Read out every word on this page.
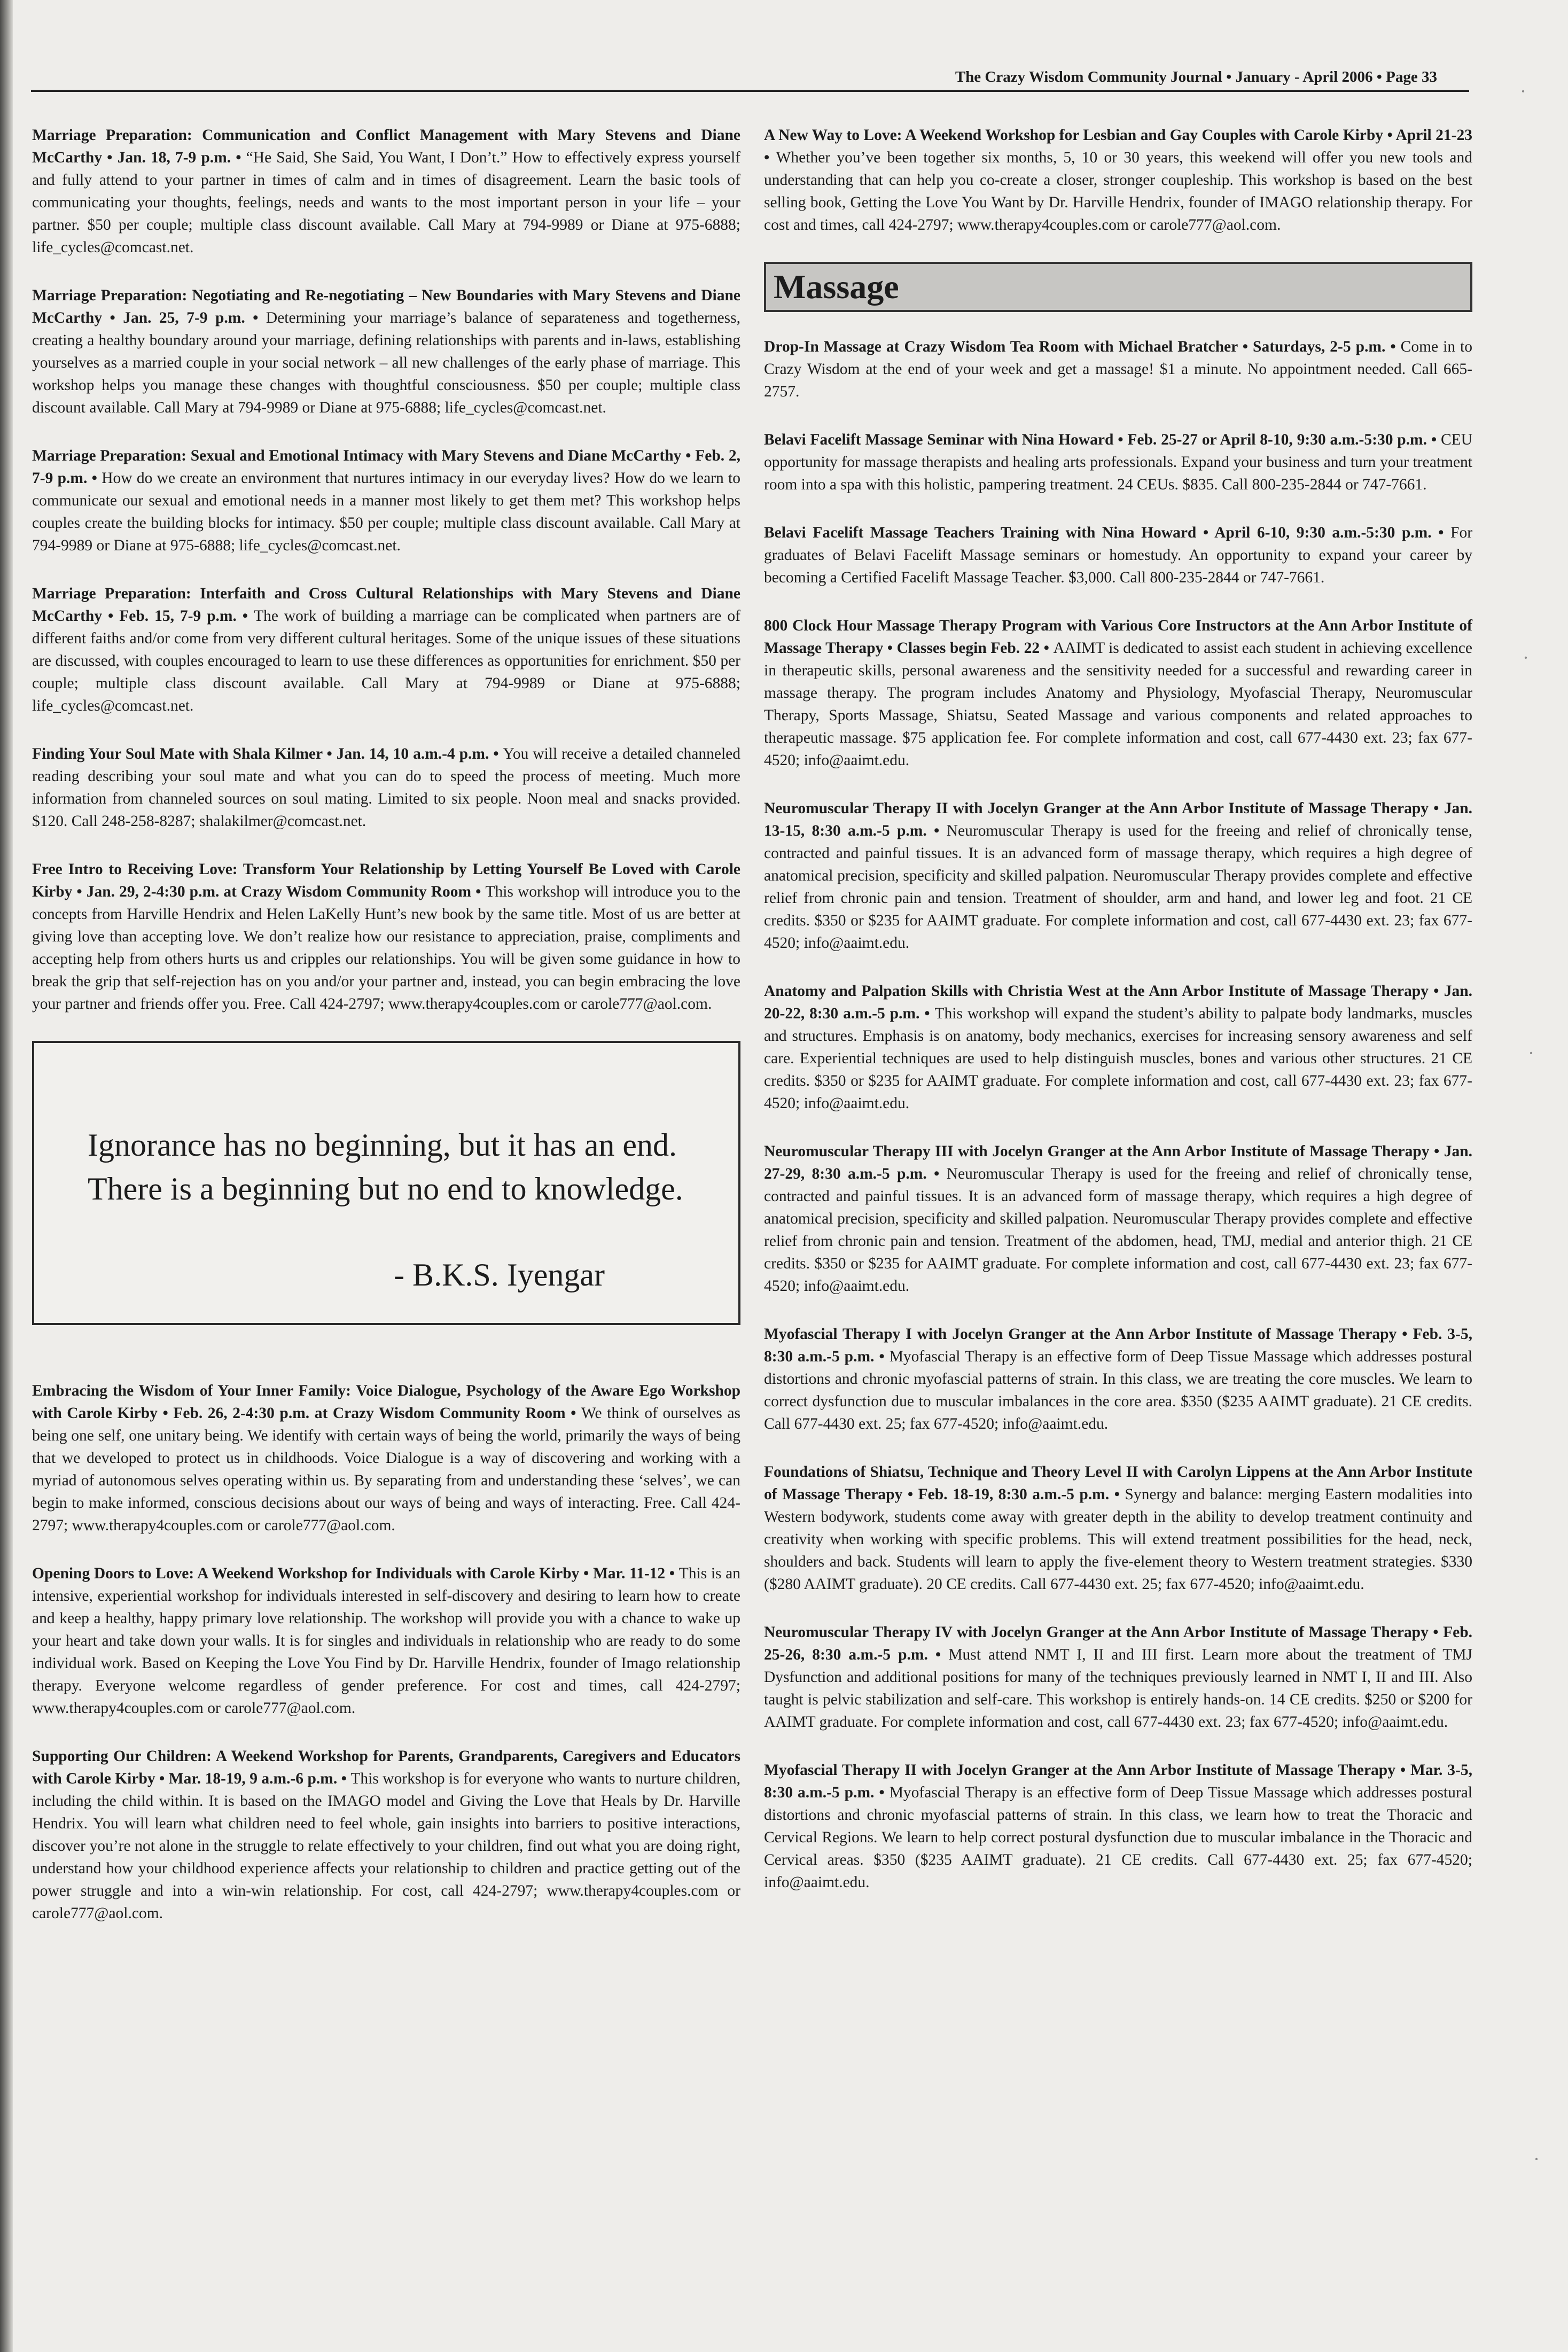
The Crazy Wisdom Community Journal • January - April 2006 • Page 33

Marriage Preparation: Communication and Conflict Management with Mary Stevens and Diane McCarthy • Jan. 18, 7-9 p.m. • “He Said, She Said, You Want, I Don’t.” How to effectively express yourself and fully attend to your partner in times of calm and in times of disagreement. Learn the basic tools of communicating your thoughts, feelings, needs and wants to the most important person in your life – your partner. $50 per couple; multiple class discount available. Call Mary at 794-9989 or Diane at 975-6888; life_cycles@comcast.net.

Marriage Preparation: Negotiating and Re-negotiating – New Boundaries with Mary Stevens and Diane McCarthy • Jan. 25, 7-9 p.m. • Determining your marriage’s balance of separateness and togetherness, creating a healthy boundary around your marriage, defining relationships with parents and in-laws, establishing yourselves as a married couple in your social network – all new challenges of the early phase of marriage. This workshop helps you manage these changes with thoughtful consciousness. $50 per couple; multiple class discount available. Call Mary at 794-9989 or Diane at 975-6888; life_cycles@comcast.net.

Marriage Preparation: Sexual and Emotional Intimacy with Mary Stevens and Diane McCarthy • Feb. 2, 7-9 p.m. • How do we create an environment that nurtures intimacy in our everyday lives? How do we learn to communicate our sexual and emotional needs in a manner most likely to get them met? This workshop helps couples create the building blocks for intimacy. $50 per couple; multiple class discount available. Call Mary at 794-9989 or Diane at 975-6888; life_cycles@comcast.net.

Marriage Preparation: Interfaith and Cross Cultural Relationships with Mary Stevens and Diane McCarthy • Feb. 15, 7-9 p.m. • The work of building a marriage can be complicated when partners are of different faiths and/or come from very different cultural heritages. Some of the unique issues of these situations are discussed, with couples encouraged to learn to use these differences as opportunities for enrichment. $50 per couple; multiple class discount available. Call Mary at 794-9989 or Diane at 975-6888; life_cycles@comcast.net.

Finding Your Soul Mate with Shala Kilmer • Jan. 14, 10 a.m.-4 p.m. • You will receive a detailed channeled reading describing your soul mate and what you can do to speed the process of meeting. Much more information from channeled sources on soul mating. Limited to six people. Noon meal and snacks provided. $120. Call 248-258-8287; shalakilmer@comcast.net.

Free Intro to Receiving Love: Transform Your Relationship by Letting Yourself Be Loved with Carole Kirby • Jan. 29, 2-4:30 p.m. at Crazy Wisdom Community Room • This workshop will introduce you to the concepts from Harville Hendrix and Helen LaKelly Hunt’s new book by the same title. Most of us are better at giving love than accepting love. We don’t realize how our resistance to appreciation, praise, compliments and accepting help from others hurts us and cripples our relationships. You will be given some guidance in how to break the grip that self-rejection has on you and/or your partner and, instead, you can begin embracing the love your partner and friends offer you. Free. Call 424-2797; www.therapy4couples.com or carole777@aol.com.

Ignorance has no beginning, but it has an end. There is a beginning but no end to knowledge.
- B.K.S. Iyengar

Embracing the Wisdom of Your Inner Family: Voice Dialogue, Psychology of the Aware Ego Workshop with Carole Kirby • Feb. 26, 2-4:30 p.m. at Crazy Wisdom Community Room • We think of ourselves as being one self, one unitary being. We identify with certain ways of being the world, primarily the ways of being that we developed to protect us in childhoods. Voice Dialogue is a way of discovering and working with a myriad of autonomous selves operating within us. By separating from and understanding these ‘selves’, we can begin to make informed, conscious decisions about our ways of being and ways of interacting. Free. Call 424-2797; www.therapy4couples.com or carole777@aol.com.

Opening Doors to Love: A Weekend Workshop for Individuals with Carole Kirby • Mar. 11-12 • This is an intensive, experiential workshop for individuals interested in self-discovery and desiring to learn how to create and keep a healthy, happy primary love relationship. The workshop will provide you with a chance to wake up your heart and take down your walls. It is for singles and individuals in relationship who are ready to do some individual work. Based on Keeping the Love You Find by Dr. Harville Hendrix, founder of Imago relationship therapy. Everyone welcome regardless of gender preference. For cost and times, call 424-2797; www.therapy4couples.com or carole777@aol.com.

Supporting Our Children: A Weekend Workshop for Parents, Grandparents, Caregivers and Educators with Carole Kirby • Mar. 18-19, 9 a.m.-6 p.m. • This workshop is for everyone who wants to nurture children, including the child within. It is based on the IMAGO model and Giving the Love that Heals by Dr. Harville Hendrix. You will learn what children need to feel whole, gain insights into barriers to positive interactions, discover you’re not alone in the struggle to relate effectively to your children, find out what you are doing right, understand how your childhood experience affects your relationship to children and practice getting out of the power struggle and into a win-win relationship. For cost, call 424-2797; www.therapy4couples.com or carole777@aol.com.

A New Way to Love: A Weekend Workshop for Lesbian and Gay Couples with Carole Kirby • April 21-23 • Whether you’ve been together six months, 5, 10 or 30 years, this weekend will offer you new tools and understanding that can help you co-create a closer, stronger coupleship. This workshop is based on the best selling book, Getting the Love You Want by Dr. Harville Hendrix, founder of IMAGO relationship therapy. For cost and times, call 424-2797; www.therapy4couples.com or carole777@aol.com.

Massage

Drop-In Massage at Crazy Wisdom Tea Room with Michael Bratcher • Saturdays, 2-5 p.m. • Come in to Crazy Wisdom at the end of your week and get a massage! $1 a minute. No appointment needed. Call 665-2757.

Belavi Facelift Massage Seminar with Nina Howard • Feb. 25-27 or April 8-10, 9:30 a.m.-5:30 p.m. • CEU opportunity for massage therapists and healing arts professionals. Expand your business and turn your treatment room into a spa with this holistic, pampering treatment. 24 CEUs. $835. Call 800-235-2844 or 747-7661.

Belavi Facelift Massage Teachers Training with Nina Howard • April 6-10, 9:30 a.m.-5:30 p.m. • For graduates of Belavi Facelift Massage seminars or homestudy. An opportunity to expand your career by becoming a Certified Facelift Massage Teacher. $3,000. Call 800-235-2844 or 747-7661.

800 Clock Hour Massage Therapy Program with Various Core Instructors at the Ann Arbor Institute of Massage Therapy • Classes begin Feb. 22 • AAIMT is dedicated to assist each student in achieving excellence in therapeutic skills, personal awareness and the sensitivity needed for a successful and rewarding career in massage therapy. The program includes Anatomy and Physiology, Myofascial Therapy, Neuromuscular Therapy, Sports Massage, Shiatsu, Seated Massage and various components and related approaches to therapeutic massage. $75 application fee. For complete information and cost, call 677-4430 ext. 23; fax 677-4520; info@aaimt.edu.

Neuromuscular Therapy II with Jocelyn Granger at the Ann Arbor Institute of Massage Therapy • Jan. 13-15, 8:30 a.m.-5 p.m. • Neuromuscular Therapy is used for the freeing and relief of chronically tense, contracted and painful tissues. It is an advanced form of massage therapy, which requires a high degree of anatomical precision, specificity and skilled palpation. Neuromuscular Therapy provides complete and effective relief from chronic pain and tension. Treatment of shoulder, arm and hand, and lower leg and foot. 21 CE credits. $350 or $235 for AAIMT graduate. For complete information and cost, call 677-4430 ext. 23; fax 677-4520; info@aaimt.edu.

Anatomy and Palpation Skills with Christia West at the Ann Arbor Institute of Massage Therapy • Jan. 20-22, 8:30 a.m.-5 p.m. • This workshop will expand the student’s ability to palpate body landmarks, muscles and structures. Emphasis is on anatomy, body mechanics, exercises for increasing sensory awareness and self care. Experiential techniques are used to help distinguish muscles, bones and various other structures. 21 CE credits. $350 or $235 for AAIMT graduate. For complete information and cost, call 677-4430 ext. 23; fax 677-4520; info@aaimt.edu.

Neuromuscular Therapy III with Jocelyn Granger at the Ann Arbor Institute of Massage Therapy • Jan. 27-29, 8:30 a.m.-5 p.m. • Neuromuscular Therapy is used for the freeing and relief of chronically tense, contracted and painful tissues. It is an advanced form of massage therapy, which requires a high degree of anatomical precision, specificity and skilled palpation. Neuromuscular Therapy provides complete and effective relief from chronic pain and tension. Treatment of the abdomen, head, TMJ, medial and anterior thigh. 21 CE credits. $350 or $235 for AAIMT graduate. For complete information and cost, call 677-4430 ext. 23; fax 677-4520; info@aaimt.edu.

Myofascial Therapy I with Jocelyn Granger at the Ann Arbor Institute of Massage Therapy • Feb. 3-5, 8:30 a.m.-5 p.m. • Myofascial Therapy is an effective form of Deep Tissue Massage which addresses postural distortions and chronic myofascial patterns of strain. In this class, we are treating the core muscles. We learn to correct dysfunction due to muscular imbalances in the core area. $350 ($235 AAIMT graduate). 21 CE credits. Call 677-4430 ext. 25; fax 677-4520; info@aaimt.edu.

Foundations of Shiatsu, Technique and Theory Level II with Carolyn Lippens at the Ann Arbor Institute of Massage Therapy • Feb. 18-19, 8:30 a.m.-5 p.m. • Synergy and balance: merging Eastern modalities into Western bodywork, students come away with greater depth in the ability to develop treatment continuity and creativity when working with specific problems. This will extend treatment possibilities for the head, neck, shoulders and back. Students will learn to apply the five-element theory to Western treatment strategies. $330 ($280 AAIMT graduate). 20 CE credits. Call 677-4430 ext. 25; fax 677-4520; info@aaimt.edu.

Neuromuscular Therapy IV with Jocelyn Granger at the Ann Arbor Institute of Massage Therapy • Feb. 25-26, 8:30 a.m.-5 p.m. • Must attend NMT I, II and III first. Learn more about the treatment of TMJ Dysfunction and additional positions for many of the techniques previously learned in NMT I, II and III. Also taught is pelvic stabilization and self-care. This workshop is entirely hands-on. 14 CE credits. $250 or $200 for AAIMT graduate. For complete information and cost, call 677-4430 ext. 23; fax 677-4520; info@aaimt.edu.

Myofascial Therapy II with Jocelyn Granger at the Ann Arbor Institute of Massage Therapy • Mar. 3-5, 8:30 a.m.-5 p.m. • Myofascial Therapy is an effective form of Deep Tissue Massage which addresses postural distortions and chronic myofascial patterns of strain. In this class, we learn how to treat the Thoracic and Cervical Regions. We learn to help correct postural dysfunction due to muscular imbalance in the Thoracic and Cervical areas. $350 ($235 AAIMT graduate). 21 CE credits. Call 677-4430 ext. 25; fax 677-4520; info@aaimt.edu.

·
·
·
·
